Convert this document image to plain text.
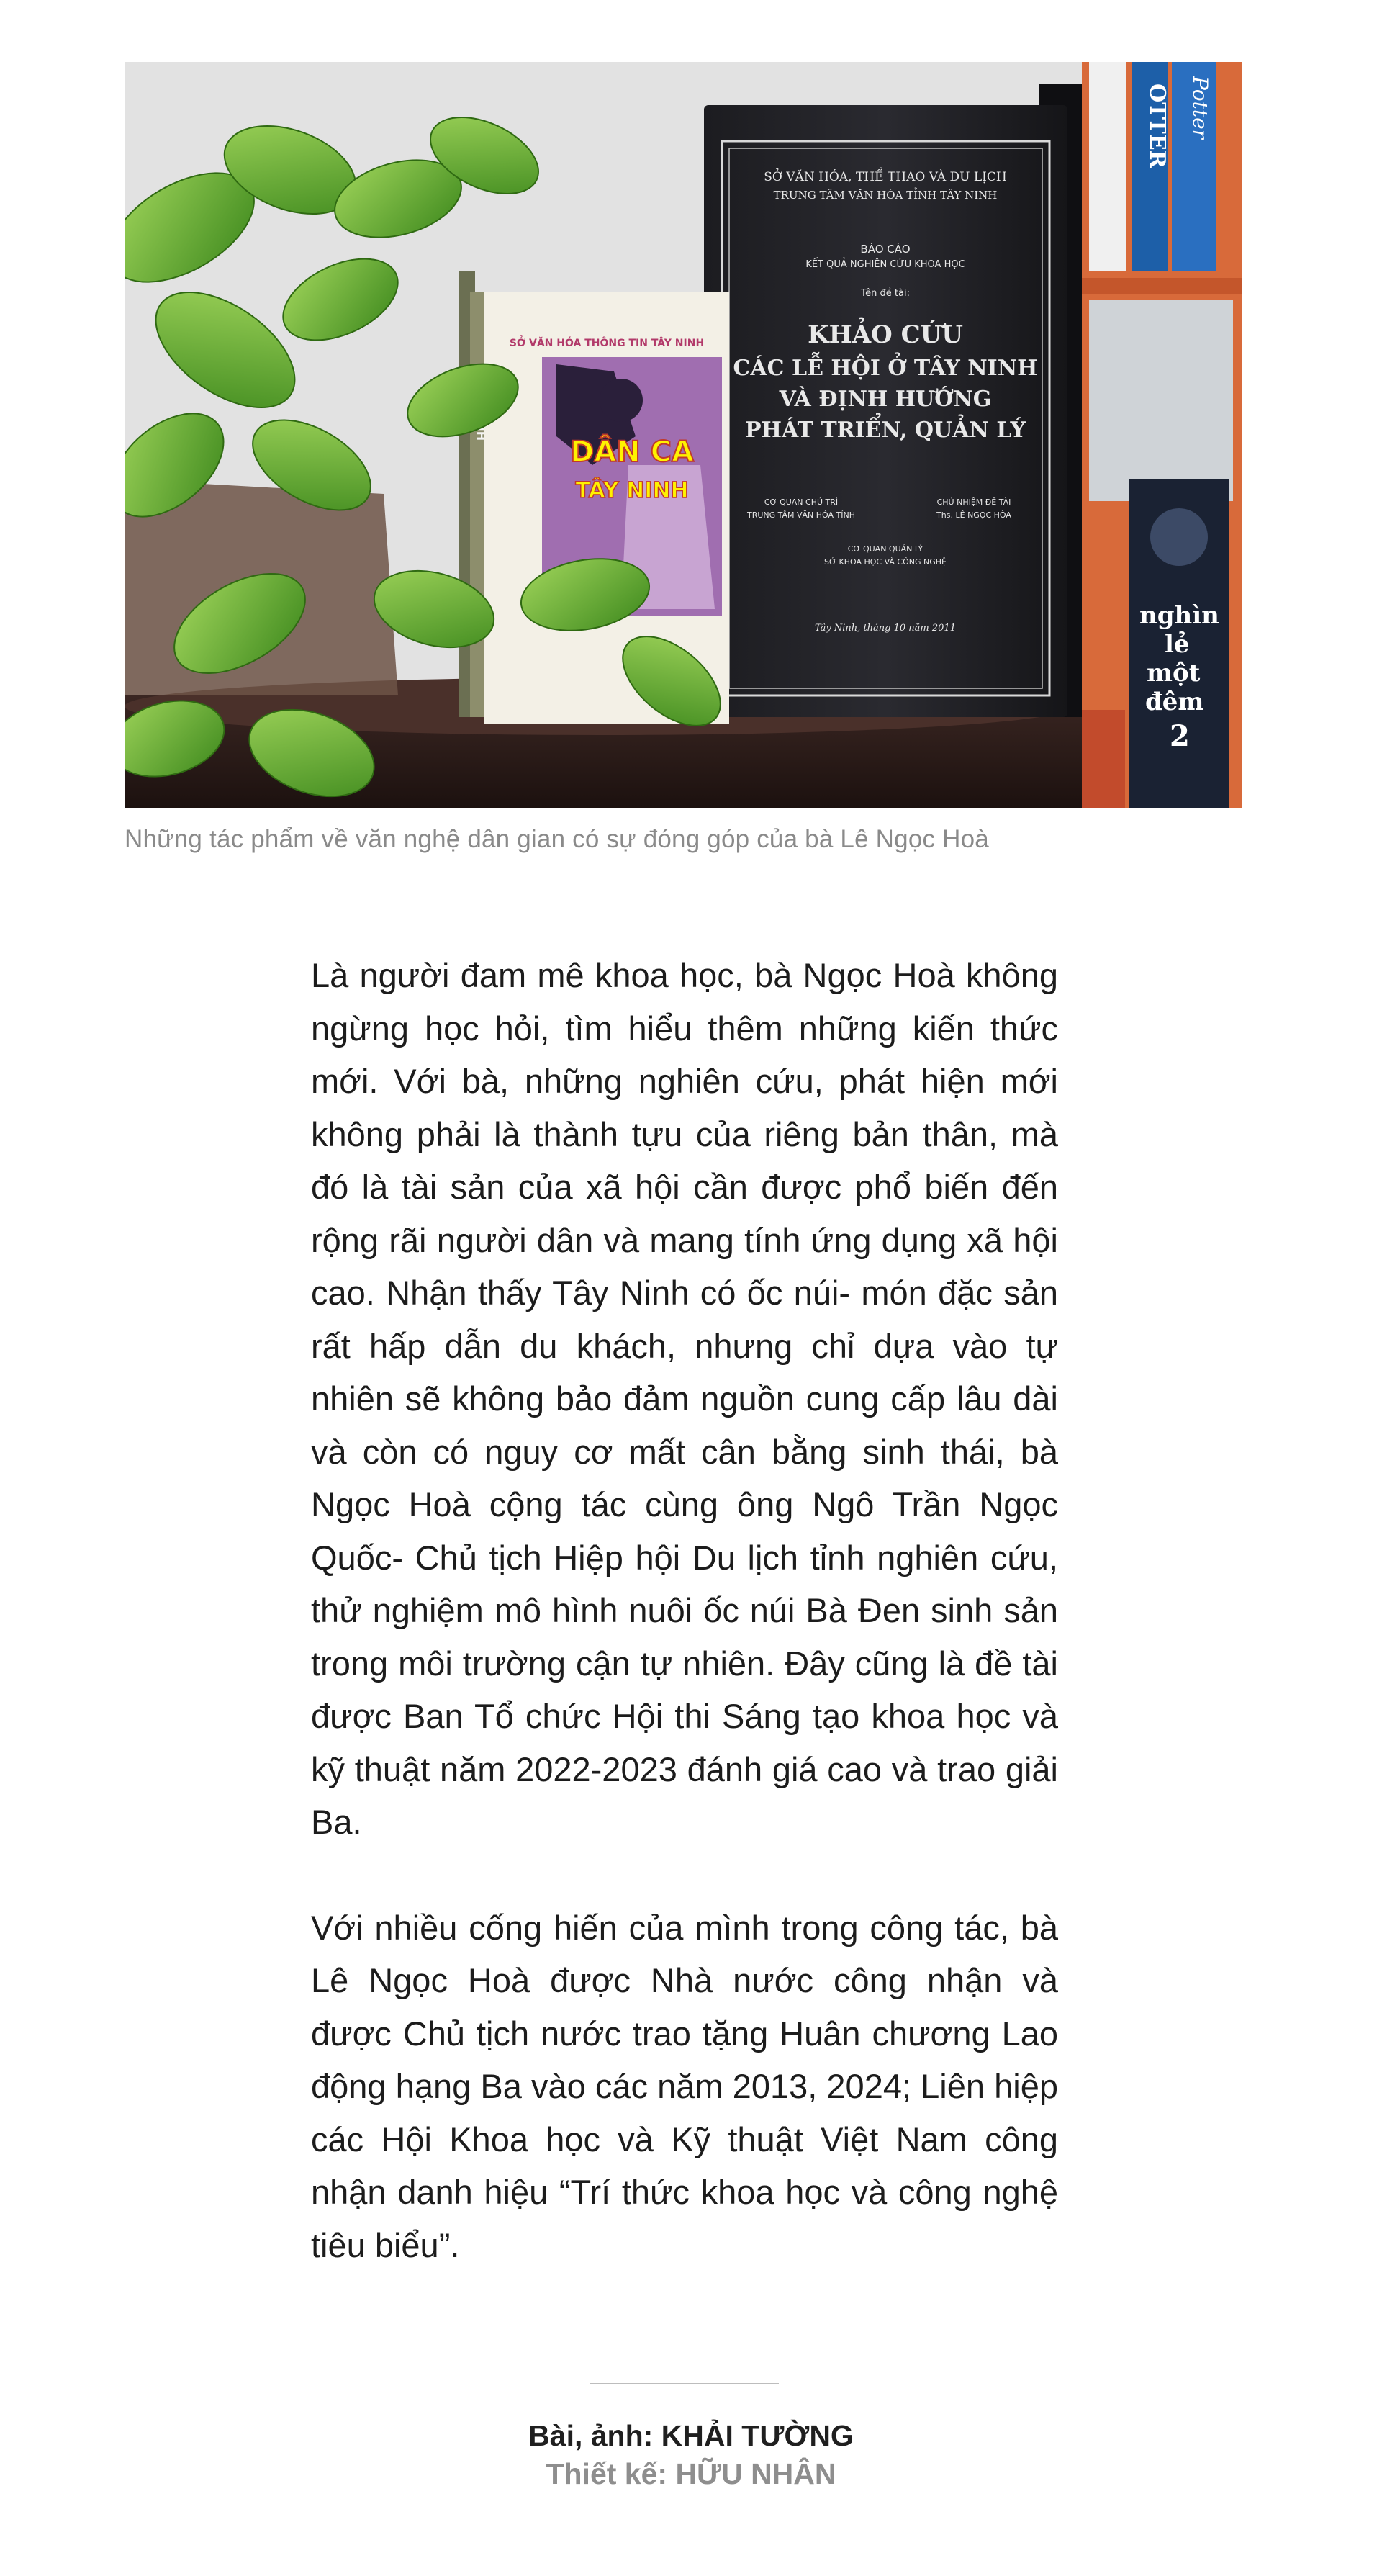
OTTER Potter
nghìn
lẻ
một
đêm
2
SỞ VĂN HÓA, THỂ THAO VÀ DU LỊCH
TRUNG TÂM VĂN HÓA TỈNH TÂY NINH
BÁO CÁO
KẾT QUẢ NGHIÊN CỨU KHOA HỌC
Tên đề tài:
KHẢO CỨU
CÁC LỄ HỘI Ở TÂY NINH
VÀ ĐỊNH HƯỚNG
PHÁT TRIỂN, QUẢN LÝ
CƠ QUAN CHỦ TRÌ
TRUNG TÂM VĂN HÓA TỈNH
CHỦ NHIỆM ĐỀ TÀI
Ths. LÊ NGỌC HÒA
CƠ QUAN QUẢN LÝ
SỞ KHOA HỌC VÀ CÔNG NGHỆ
Tây Ninh, tháng 10 năm 2011
SỞ VĂN HÓA THÔNG TIN TÂY NINH
DÂN CA
TÂY NINH

Những tác phẩm về văn nghệ dân gian có sự đóng góp của bà Lê Ngọc Hoà

Là người đam mê khoa học, bà Ngọc Hoà không ngừng học hỏi, tìm hiểu thêm những kiến thức mới. Với bà, những nghiên cứu, phát hiện mới không phải là thành tựu của riêng bản thân, mà đó là tài sản của xã hội cần được phổ biến đến rộng rãi người dân và mang tính ứng dụng xã hội cao. Nhận thấy Tây Ninh có ốc núi- món đặc sản rất hấp dẫn du khách, nhưng chỉ dựa vào tự nhiên sẽ không bảo đảm nguồn cung cấp lâu dài và còn có nguy cơ mất cân bằng sinh thái, bà Ngọc Hoà cộng tác cùng ông Ngô Trần Ngọc Quốc- Chủ tịch Hiệp hội Du lịch tỉnh nghiên cứu, thử nghiệm mô hình nuôi ốc núi Bà Đen sinh sản trong môi trường cận tự nhiên. Đây cũng là đề tài được Ban Tổ chức Hội thi Sáng tạo khoa học và kỹ thuật năm 2022-2023 đánh giá cao và trao giải Ba.

Với nhiều cống hiến của mình trong công tác, bà Lê Ngọc Hoà được Nhà nước công nhận và được Chủ tịch nước trao tặng Huân chương Lao động hạng Ba vào các năm 2013, 2024; Liên hiệp các Hội Khoa học và Kỹ thuật Việt Nam công nhận danh hiệu “Trí thức khoa học và công nghệ tiêu biểu”.

Bài, ảnh: KHẢI TƯỜNG
Thiết kế: HỮU NHÂN
